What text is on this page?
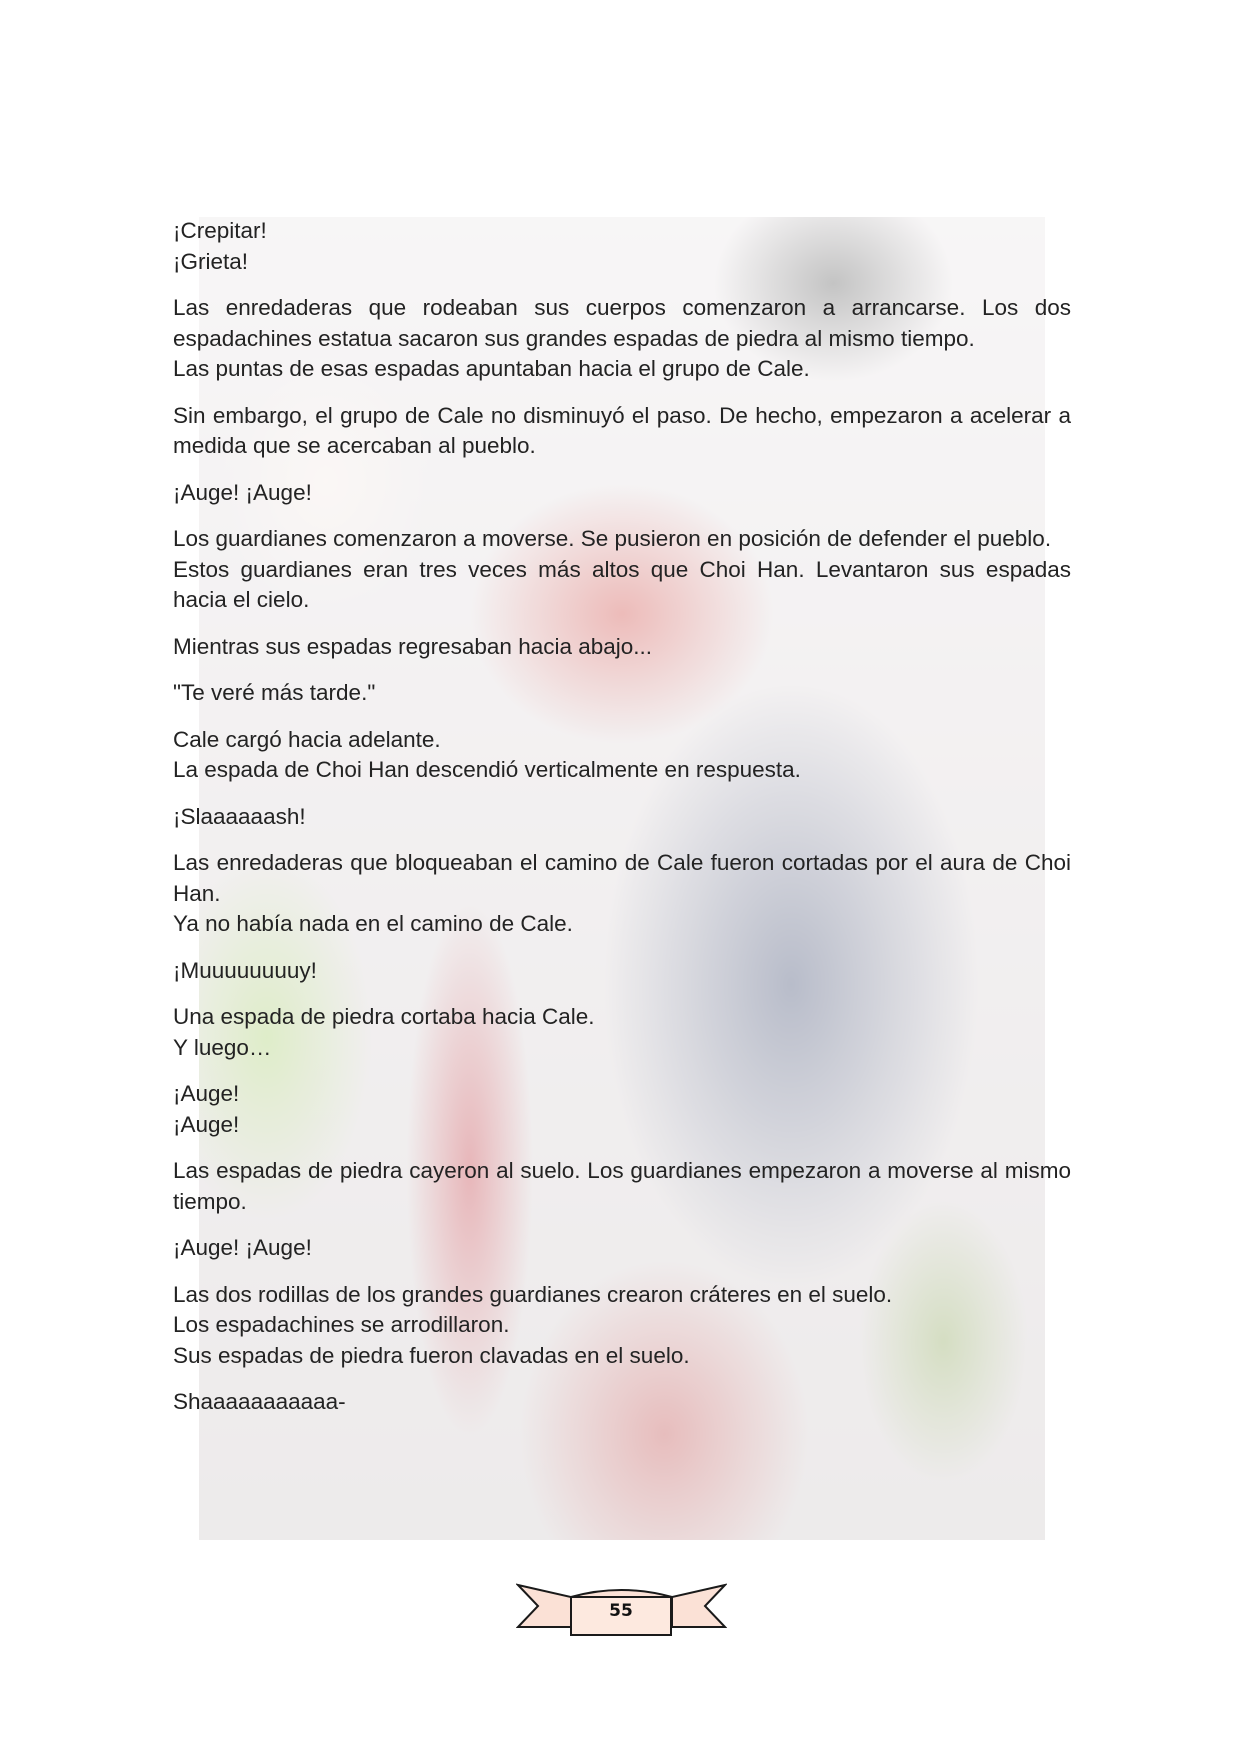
¡Crepitar!
¡Grieta!

Las enredaderas que rodeaban sus cuerpos comenzaron a arrancarse. Los dos espadachines estatua sacaron sus grandes espadas de piedra al mismo tiempo.
Las puntas de esas espadas apuntaban hacia el grupo de Cale.

Sin embargo, el grupo de Cale no disminuyó el paso. De hecho, empezaron a acelerar a medida que se acercaban al pueblo.

¡Auge! ¡Auge!

Los guardianes comenzaron a moverse. Se pusieron en posición de defender el pueblo.
Estos guardianes eran tres veces más altos que Choi Han. Levantaron sus espadas hacia el cielo.

Mientras sus espadas regresaban hacia abajo...

"Te veré más tarde."

Cale cargó hacia adelante.
La espada de Choi Han descendió verticalmente en respuesta.

¡Slaaaaaash!

Las enredaderas que bloqueaban el camino de Cale fueron cortadas por el aura de Choi Han.
Ya no había nada en el camino de Cale.

¡Muuuuuuuuy!

Una espada de piedra cortaba hacia Cale.
Y luego…

¡Auge!
¡Auge!

Las espadas de piedra cayeron al suelo. Los guardianes empezaron a moverse al mismo tiempo.

¡Auge! ¡Auge!

Las dos rodillas de los grandes guardianes crearon cráteres en el suelo.
Los espadachines se arrodillaron.
Sus espadas de piedra fueron clavadas en el suelo.

Shaaaaaaaaaaa-

55
